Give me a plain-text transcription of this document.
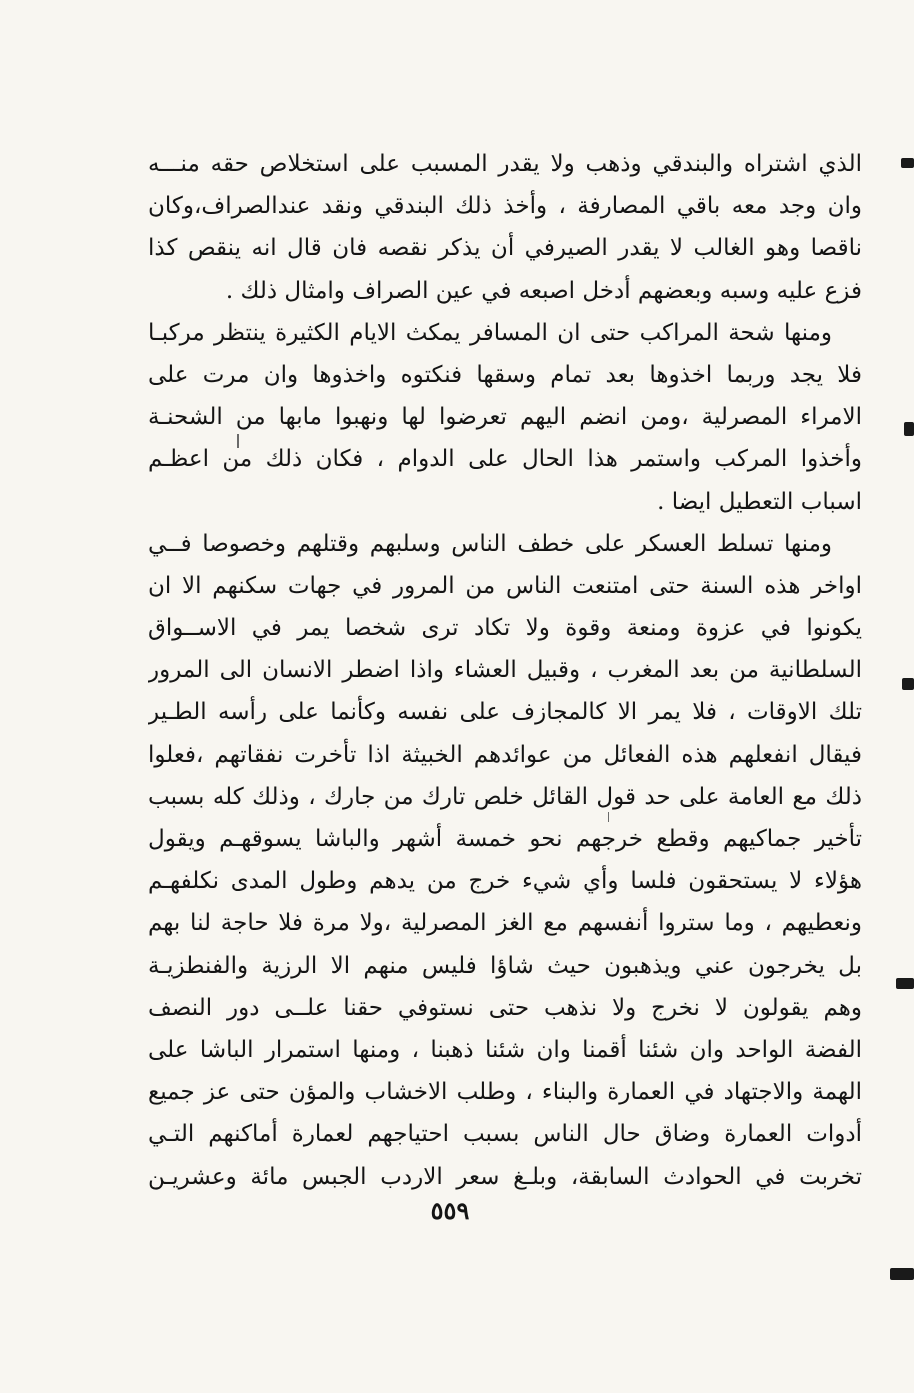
الذي اشتراه والبندقي وذهب ولا يقدر المسبب على استخلاص حقه منـــه
وان وجد معه باقي المصارفة ، وأخذ ذلك البندقي ونقد عندالصراف،وكان
ناقصا وهو الغالب لا يقدر الصيرفي أن يذكر نقصه فان قال انه ينقص كذا
فزع عليه وسبه وبعضهم أدخل اصبعه في عين الصراف وامثال ذلك .
ومنها شحة المراكب حتى ان المسافر يمكث الايام الكثيرة ينتظر مركبـا
فلا يجد وربما اخذوها بعد تمام وسقها فنكتوه واخذوها وان مرت على
الامراء المصرلية ،ومن انضم اليهم تعرضوا لها ونهبوا مابها من الشحنـة
وأخذوا المركب واستمر هذا الحال على الدوام ، فكان ذلك من اعظـم
اسباب التعطيل ايضا .
ومنها تسلط العسكر على خطف الناس وسلبهم وقتلهم وخصوصا فــي
اواخر هذه السنة حتى امتنعت الناس من المرور في جهات سكنهم الا ان
يكونوا في عزوة ومنعة وقوة ولا تكاد ترى شخصا يمر في الاســواق
السلطانية من بعد المغرب ، وقبيل العشاء واذا اضطر الانسان الى المرور
تلك الاوقات ، فلا يمر الا كالمجازف على نفسه وكأنما على رأسه الطـير
فيقال انفعلهم هذه الفعائل من عوائدهم الخبيثة اذا تأخرت نفقاتهم ،فعلوا
ذلك مع العامة على حد قول القائل خلص تارك من جارك ، وذلك كله بسبب
تأخير جماكيهم وقطع خرجهم نحو خمسة أشهر والباشا يسوقهـم ويقول
هؤلاء لا يستحقون فلسا وأي شيء خرج من يدهم وطول المدى نكلفهـم
ونعطيهم ، وما ستروا أنفسهم مع الغز المصرلية ،ولا مرة فلا حاجة لنا بهم
بل يخرجون عني ويذهبون حيث شاؤا فليس منهم الا الرزية والفنطزيـة
وهم يقولون لا نخرج ولا نذهب حتى نستوفي حقنا علــى دور النصف
الفضة الواحد وان شئنا أقمنا وان شئنا ذهبنا ، ومنها استمرار الباشا على
الهمة والاجتهاد في العمارة والبناء ، وطلب الاخشاب والمؤن حتى عز جميع
أدوات العمارة وضاق حال الناس بسبب احتياجهم لعمارة أماكنهم التـي
تخربت في الحوادث السابقة، وبلـغ سعر الاردب الجبس مائة وعشريـن
٥٥٩
